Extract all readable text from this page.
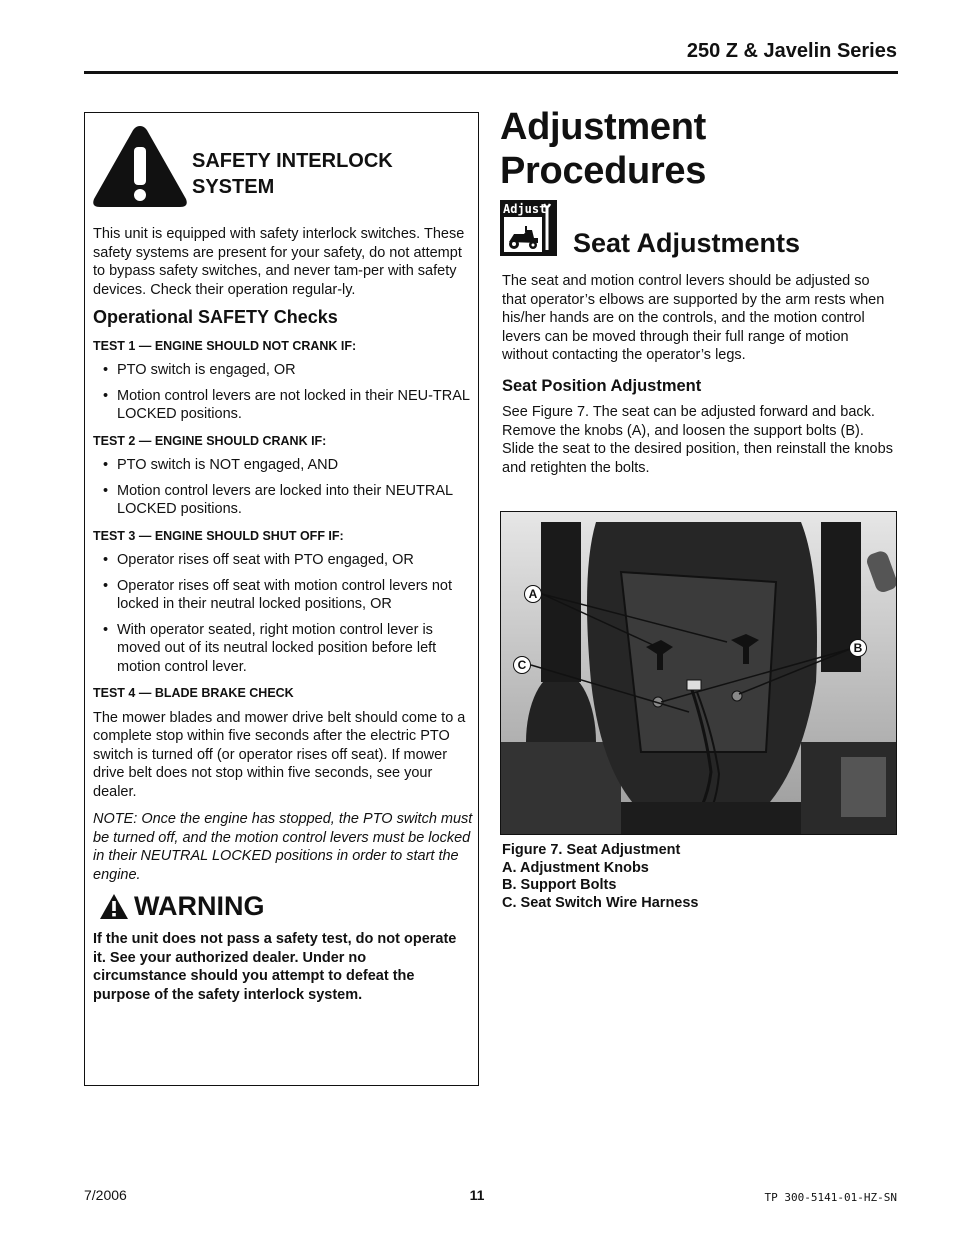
250 Z & Javelin Series
SAFETY INTERLOCK
SYSTEM

This unit is equipped with safety interlock switches. These safety systems are present for your safety, do not attempt to bypass safety switches, and never tam-per with safety devices. Check their operation regular-ly.

Operational SAFETY Checks
TEST 1 — ENGINE SHOULD NOT CRANK IF:
• PTO switch is engaged, OR
• Motion control levers are not locked in their NEU-TRAL LOCKED positions.
TEST 2 — ENGINE SHOULD CRANK IF:
• PTO switch is NOT engaged, AND
• Motion control levers are locked into their NEUTRAL LOCKED positions.
TEST 3 — ENGINE SHOULD SHUT OFF IF:
• Operator rises off seat with PTO engaged, OR
• Operator rises off seat with motion control levers not locked in their neutral locked positions, OR
• With operator seated, right motion control lever is moved out of its neutral locked position before left motion control lever.
TEST 4 — BLADE BRAKE CHECK

The mower blades and mower drive belt should come to a complete stop within five seconds after the electric PTO switch is turned off (or operator rises off seat). If mower drive belt does not stop within five seconds, see your dealer.

NOTE: Once the engine has stopped, the PTO switch must be turned off, and the motion control levers must be locked in their NEUTRAL LOCKED positions in order to start the engine.

WARNING

If the unit does not pass a safety test, do not operate it. See your authorized dealer. Under no circumstance should you attempt to defeat the purpose of the safety interlock system.

Adjustment
Procedures
Adjust
Seat Adjustments

The seat and motion control levers should be adjusted so that operator’s elbows are supported by the arm rests when his/her hands are on the controls, and the motion control levers can be moved through their full range of motion without contacting the operator’s legs.

Seat Position Adjustment

See Figure 7. The seat can be adjusted forward and back. Remove the knobs (A), and loosen the support bolts (B). Slide the seat to the desired position, then reinstall the knobs and retighten the bolts.

A
B
C
Figure 7. Seat Adjustment
A. Adjustment Knobs
B. Support Bolts
C. Seat Switch Wire Harness
7/2006	11	TP 300-5141-01-HZ-SN
